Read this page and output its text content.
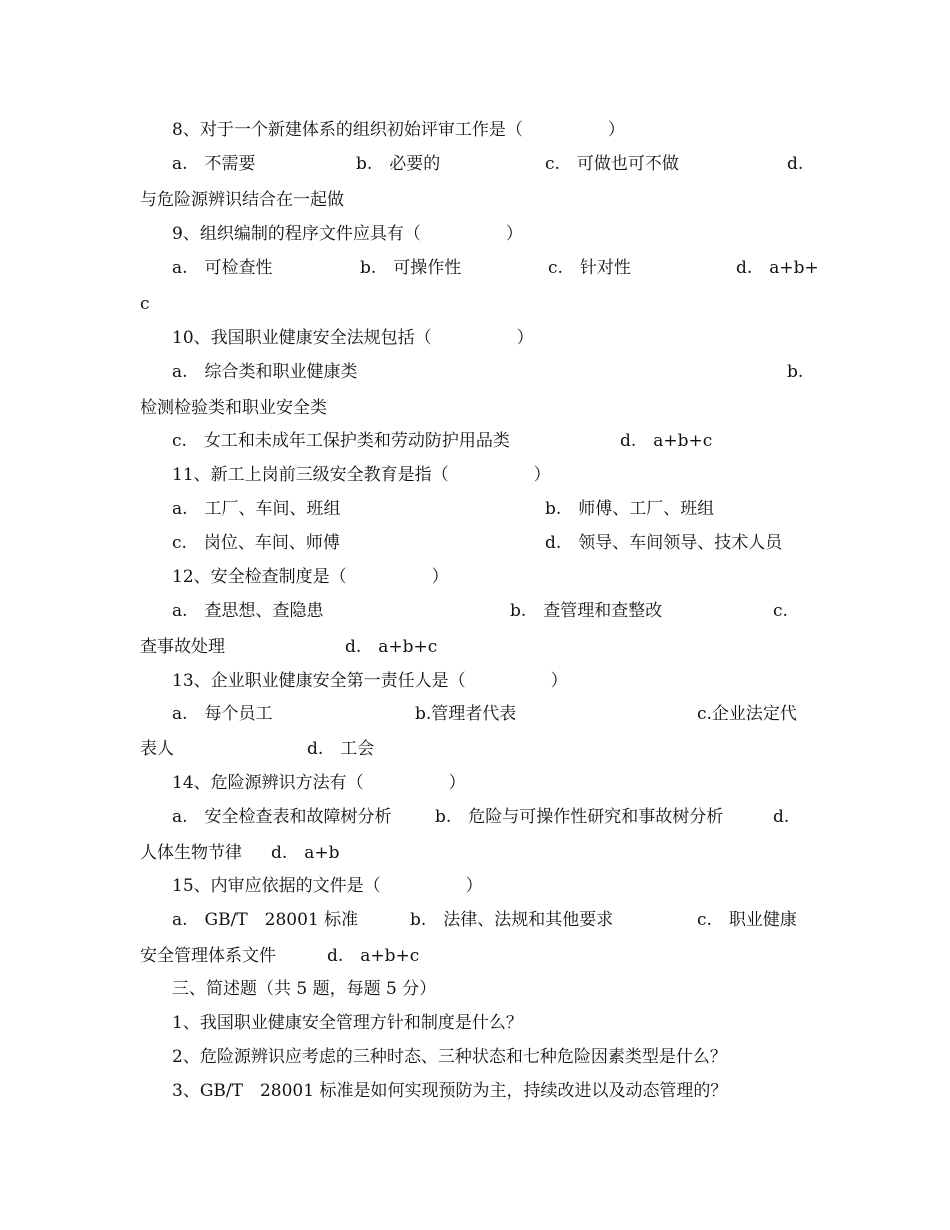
8、对于一个新建体系的组织初始评审工作是（　　　　　）
a.　不需要	b.　必要的	c.　可做也可不做	d.
与危险源辨识结合在一起做
9、组织编制的程序文件应具有（　　　　　）
a.　可检查性	b.　可操作性	c.　针对性	d.　a+b+
c
10、我国职业健康安全法规包括（　　　　　）
a.　综合类和职业健康类	b.
检测检验类和职业安全类
c.　女工和未成年工保护类和劳动防护用品类	d.　a+b+c
11、新工上岗前三级安全教育是指（　　　　　）
a.　工厂、车间、班组	b.　师傅、工厂、班组
c.　岗位、车间、师傅	d.　领导、车间领导、技术人员
12、安全检查制度是（　　　　　）
a.　查思想、查隐患	b.　查管理和查整改	c.
查事故处理	d.　a+b+c
13、企业职业健康安全第一责任人是（　　　　　）
a.　每个员工	b.管理者代表	c.企业法定代
表人	d.　工会
14、危险源辨识方法有（　　　　　）
a.　安全检查表和故障树分析	b.　危险与可操作性研究和事故树分析	d.
人体生物节律 d.　a+b
15、内审应依据的文件是（　　　　　）
a.　GB/T　28001 标准	b.　法律、法规和其他要求	c.　职业健康
安全管理体系文件	d.　a+b+c
三、简述题（共 5 题，每题 5 分）
1、我国职业健康安全管理方针和制度是什么？
2、危险源辨识应考虑的三种时态、三种状态和七种危险因素类型是什么？
3、GB/T　28001 标准是如何实现预防为主，持续改进以及动态管理的？
